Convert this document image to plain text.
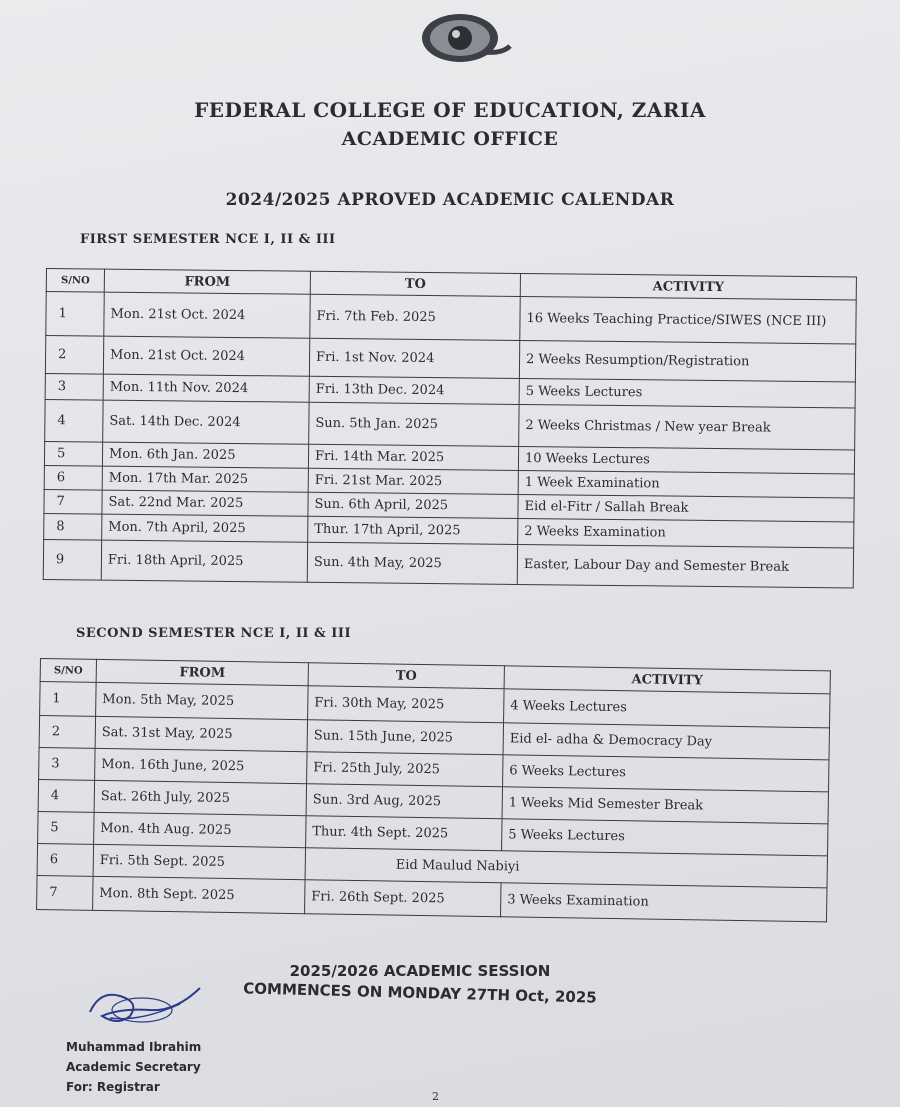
FEDERAL COLLEGE OF EDUCATION, ZARIA
ACADEMIC OFFICE
2024/2025 APROVED ACADEMIC CALENDAR
FIRST SEMESTER NCE I, II & III
S/NO	FROM	TO	ACTIVITY
1	Mon. 21st Oct. 2024	Fri. 7th Feb. 2025	16 Weeks Teaching Practice/SIWES (NCE III)
2	Mon. 21st Oct. 2024	Fri. 1st Nov. 2024	2 Weeks Resumption/Registration
3	Mon. 11th Nov. 2024	Fri. 13th Dec. 2024	5 Weeks Lectures
4	Sat. 14th Dec. 2024	Sun. 5th Jan. 2025	2 Weeks Christmas / New year Break
5	Mon. 6th Jan. 2025	Fri. 14th Mar. 2025	10 Weeks Lectures
6	Mon. 17th Mar. 2025	Fri. 21st Mar. 2025	1 Week Examination
7	Sat. 22nd Mar. 2025	Sun. 6th April, 2025	Eid el-Fitr / Sallah Break
8	Mon. 7th April, 2025	Thur. 17th April, 2025	2 Weeks Examination
9	Fri. 18th April, 2025	Sun. 4th May, 2025	Easter, Labour Day and Semester Break
SECOND SEMESTER NCE I, II & III
S/NO	FROM	TO	ACTIVITY
1	Mon. 5th May, 2025	Fri. 30th May, 2025	4 Weeks Lectures
2	Sat. 31st May, 2025	Sun. 15th June, 2025	Eid el- adha & Democracy Day
3	Mon. 16th June, 2025	Fri. 25th July, 2025	6 Weeks Lectures
4	Sat. 26th July, 2025	Sun. 3rd Aug, 2025	1 Weeks Mid Semester Break
5	Mon. 4th Aug. 2025	Thur. 4th Sept. 2025	5 Weeks Lectures
6	Fri. 5th Sept. 2025	Eid Maulud Nabiyi	
7	Mon. 8th Sept. 2025	Fri. 26th Sept. 2025	3 Weeks Examination
2025/2026 ACADEMIC SESSION
COMMENCES ON MONDAY 27TH Oct, 2025
Muhammad Ibrahim
Academic Secretary
For: Registrar
2
